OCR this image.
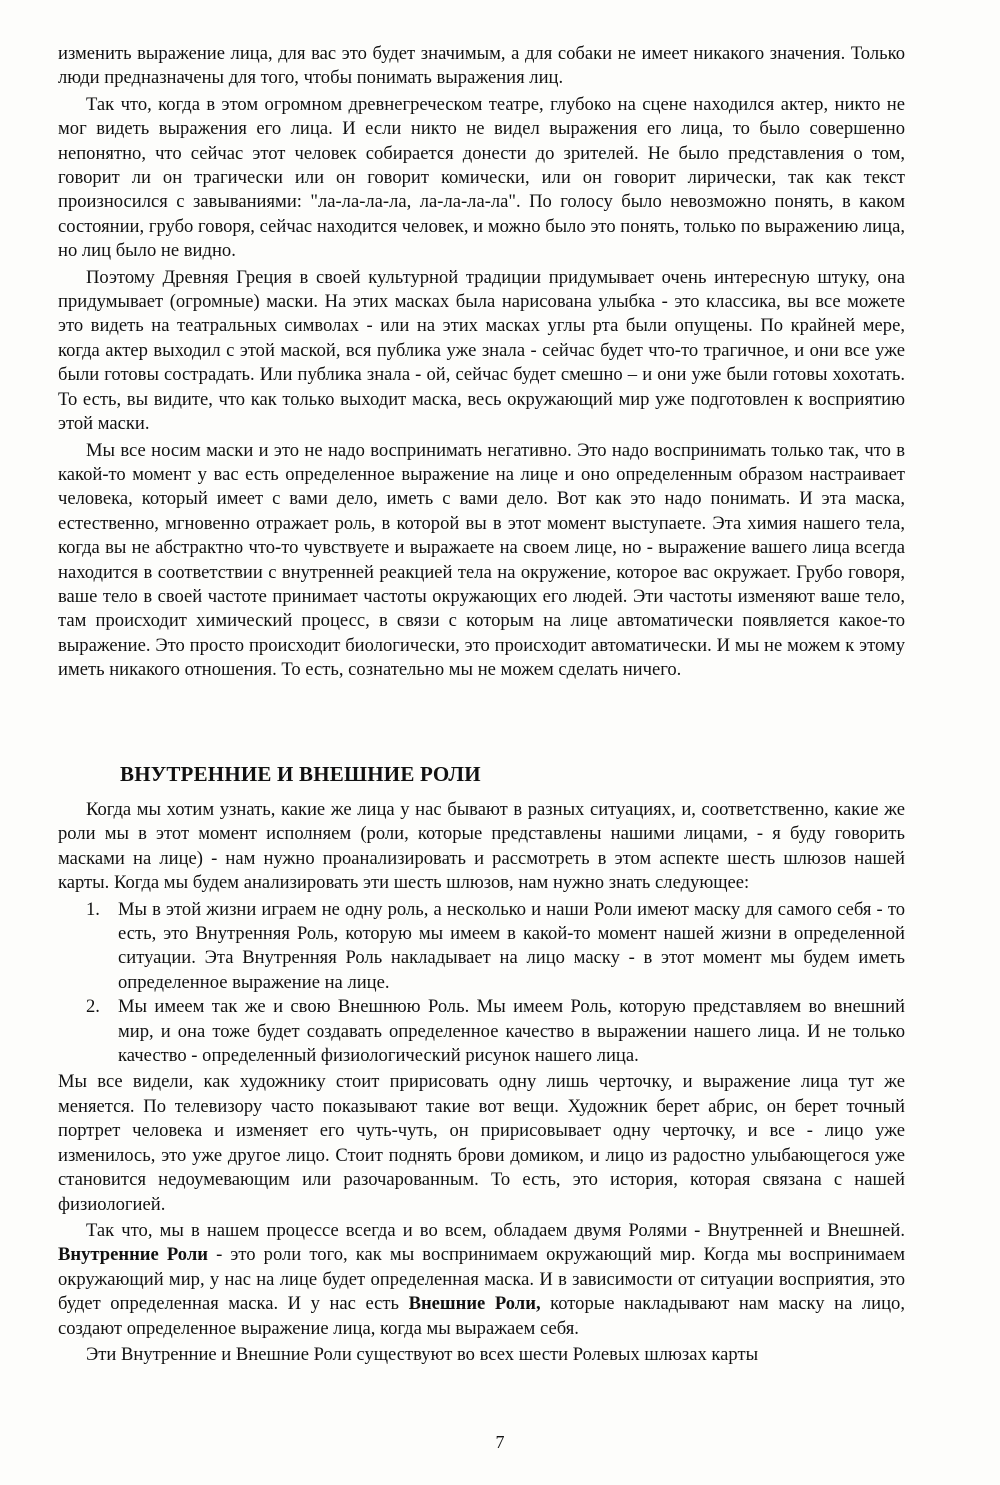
изменить выражение лица, для вас это будет значимым, а для собаки не имеет никакого значения. Только люди предназначены для того, чтобы понимать выражения лиц.

Так что, когда в этом огромном древнегреческом театре, глубоко на сцене находился актер, никто не мог видеть выражения его лица. И если никто не видел выражения его лица, то было совершенно непонятно, что сейчас этот человек собирается донести до зрителей. Не было представления о том, говорит ли он трагически или он говорит комически, или он говорит лирически, так как текст произносился с завываниями: "ла-ла-ла-ла, ла-ла-ла-ла". По голосу было невозможно понять, в каком состоянии, грубо говоря, сейчас находится человек, и можно было это понять, только по выражению лица, но лиц было не видно.

Поэтому Древняя Греция в своей культурной традиции придумывает очень интересную штуку, она придумывает (огромные) маски. На этих масках была нарисована улыбка - это классика, вы все можете это видеть на театральных символах - или на этих масках углы рта были опущены. По крайней мере, когда актер выходил с этой маской, вся публика уже знала - сейчас будет что-то трагичное, и они все уже были готовы сострадать. Или публика знала - ой, сейчас будет смешно – и они уже были готовы хохотать. То есть, вы видите, что как только выходит маска, весь окружающий мир уже подготовлен к восприятию этой маски.

Мы все носим маски и это не надо воспринимать негативно. Это надо воспринимать только так, что в какой-то момент у вас есть определенное выражение на лице и оно определенным образом настраивает человека, который имеет с вами дело, иметь с вами дело. Вот как это надо понимать. И эта маска, естественно, мгновенно отражает роль, в которой вы в этот момент выступаете. Эта химия нашего тела, когда вы не абстрактно что-то чувствуете и выражаете на своем лице, но - выражение вашего лица всегда находится в соответствии с внутренней реакцией тела на окружение, которое вас окружает. Грубо говоря, ваше тело в своей частоте принимает частоты окружающих его людей. Эти частоты изменяют ваше тело, там происходит химический процесс, в связи с которым на лице автоматически появляется какое-то выражение. Это просто происходит биологически, это происходит автоматически. И мы не можем к этому иметь никакого отношения. То есть, сознательно мы не можем сделать ничего.

ВНУТРЕННИЕ И ВНЕШНИЕ РОЛИ

Когда мы хотим узнать, какие же лица у нас бывают в разных ситуациях, и, соответственно, какие же роли мы в этот момент исполняем (роли, которые представлены нашими лицами, - я буду говорить масками на лице) - нам нужно проанализировать и рассмотреть в этом аспекте шесть шлюзов нашей карты. Когда мы будем анализировать эти шесть шлюзов, нам нужно знать следующее:

1. Мы в этой жизни играем не одну роль, а несколько и наши Роли имеют маску для самого себя - то есть, это Внутренняя Роль, которую мы имеем в какой-то момент нашей жизни в определенной ситуации. Эта Внутренняя Роль накладывает на лицо маску - в этот момент мы будем иметь определенное выражение на лице.
2. Мы имеем так же и свою Внешнюю Роль. Мы имеем Роль, которую представляем во внешний мир, и она тоже будет создавать определенное качество в выражении нашего лица. И не только качество - определенный физиологический рисунок нашего лица.

Мы все видели, как художнику стоит пририсовать одну лишь черточку, и выражение лица тут же меняется. По телевизору часто показывают такие вот вещи. Художник берет абрис, он берет точный портрет человека и изменяет его чуть-чуть, он пририсовывает одну черточку, и все - лицо уже изменилось, это уже другое лицо. Стоит поднять брови домиком, и лицо из радостно улыбающегося уже становится недоумевающим или разочарованным. То есть, это история, которая связана с нашей физиологией.

Так что, мы в нашем процессе всегда и во всем, обладаем двумя Ролями - Внутренней и Внешней. Внутренние Роли - это роли того, как мы воспринимаем окружающий мир. Когда мы воспринимаем окружающий мир, у нас на лице будет определенная маска. И в зависимости от ситуации восприятия, это будет определенная маска. И у нас есть Внешние Роли, которые накладывают нам маску на лицо, создают определенное выражение лица, когда мы выражаем себя.

Эти Внутренние и Внешние Роли существуют во всех шести Ролевых шлюзах карты

7
